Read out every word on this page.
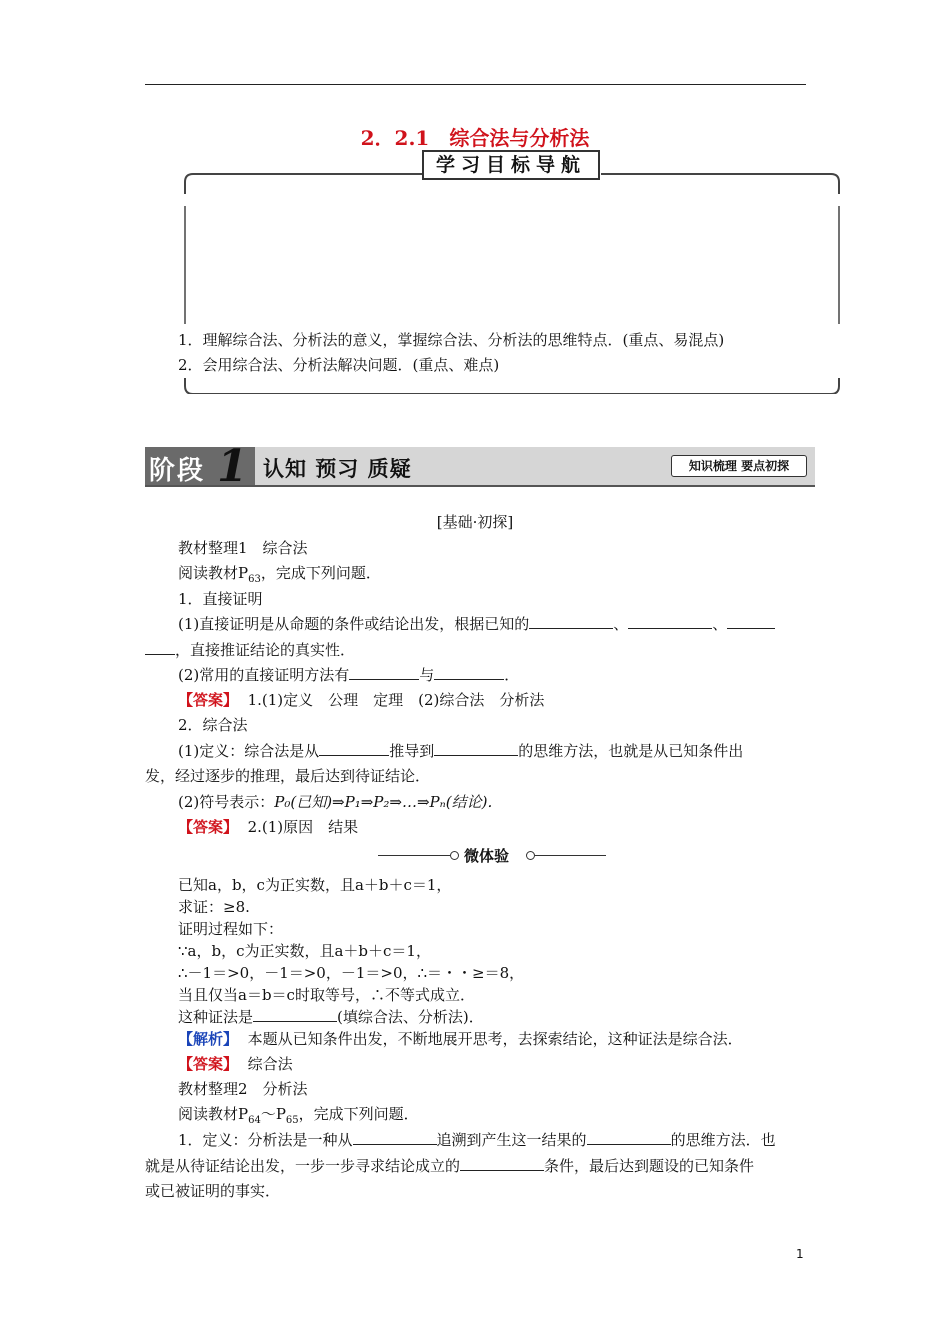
2．2.1　综合法与分析法
学习目标导航
1．理解综合法、分析法的意义，掌握综合法、分析法的思维特点．(重点、易混点)
2．会用综合法、分析法解决问题．(重点、难点)
阶段 1 认知 预习 质疑	知识梳理 要点初探
[基础·初探]
教材整理1　综合法
阅读教材$P_{63}$，完成下列问题．
1．直接证明
(1)直接证明是从命题的条件或结论出发，根据已知的	、	、
，直接推证结论的真实性．
(2)常用的直接证明方法有	与	．
【答案】 1.(1)定义　公理　定理　(2)综合法　分析法
2．综合法
(1)定义：综合法是从	推导到	的思维方法，也就是从已知条件出
发，经过逐步的推理，最后达到待证结论．
(2)符号表示：P₀(已知)⇒P₁⇒P₂⇒…⇒Pₙ(结论)．
【答案】 2.(1)原因　结果
微体验
已知a，b，c为正实数，且a＋b＋c＝1，
求证：≥8.
证明过程如下：
∵a，b，c为正实数，且a＋b＋c＝1，
∴－1＝>0，－1＝>0，－1＝>0，∴＝・・≥＝8，
当且仅当a＝b＝c时取等号，∴不等式成立．
这种证法是	(填综合法、分析法)．
【解析】 本题从已知条件出发，不断地展开思考，去探索结论，这种证法是综合法．
【答案】 综合法
教材整理2　分析法
阅读教材$P_{64}\sim P_{65}$，完成下列问题．
1．定义：分析法是一种从	追溯到产生这一结果的	的思维方法．也
就是从待证结论出发，一步一步寻求结论成立的	条件，最后达到题设的已知条件
或已被证明的事实．
1
